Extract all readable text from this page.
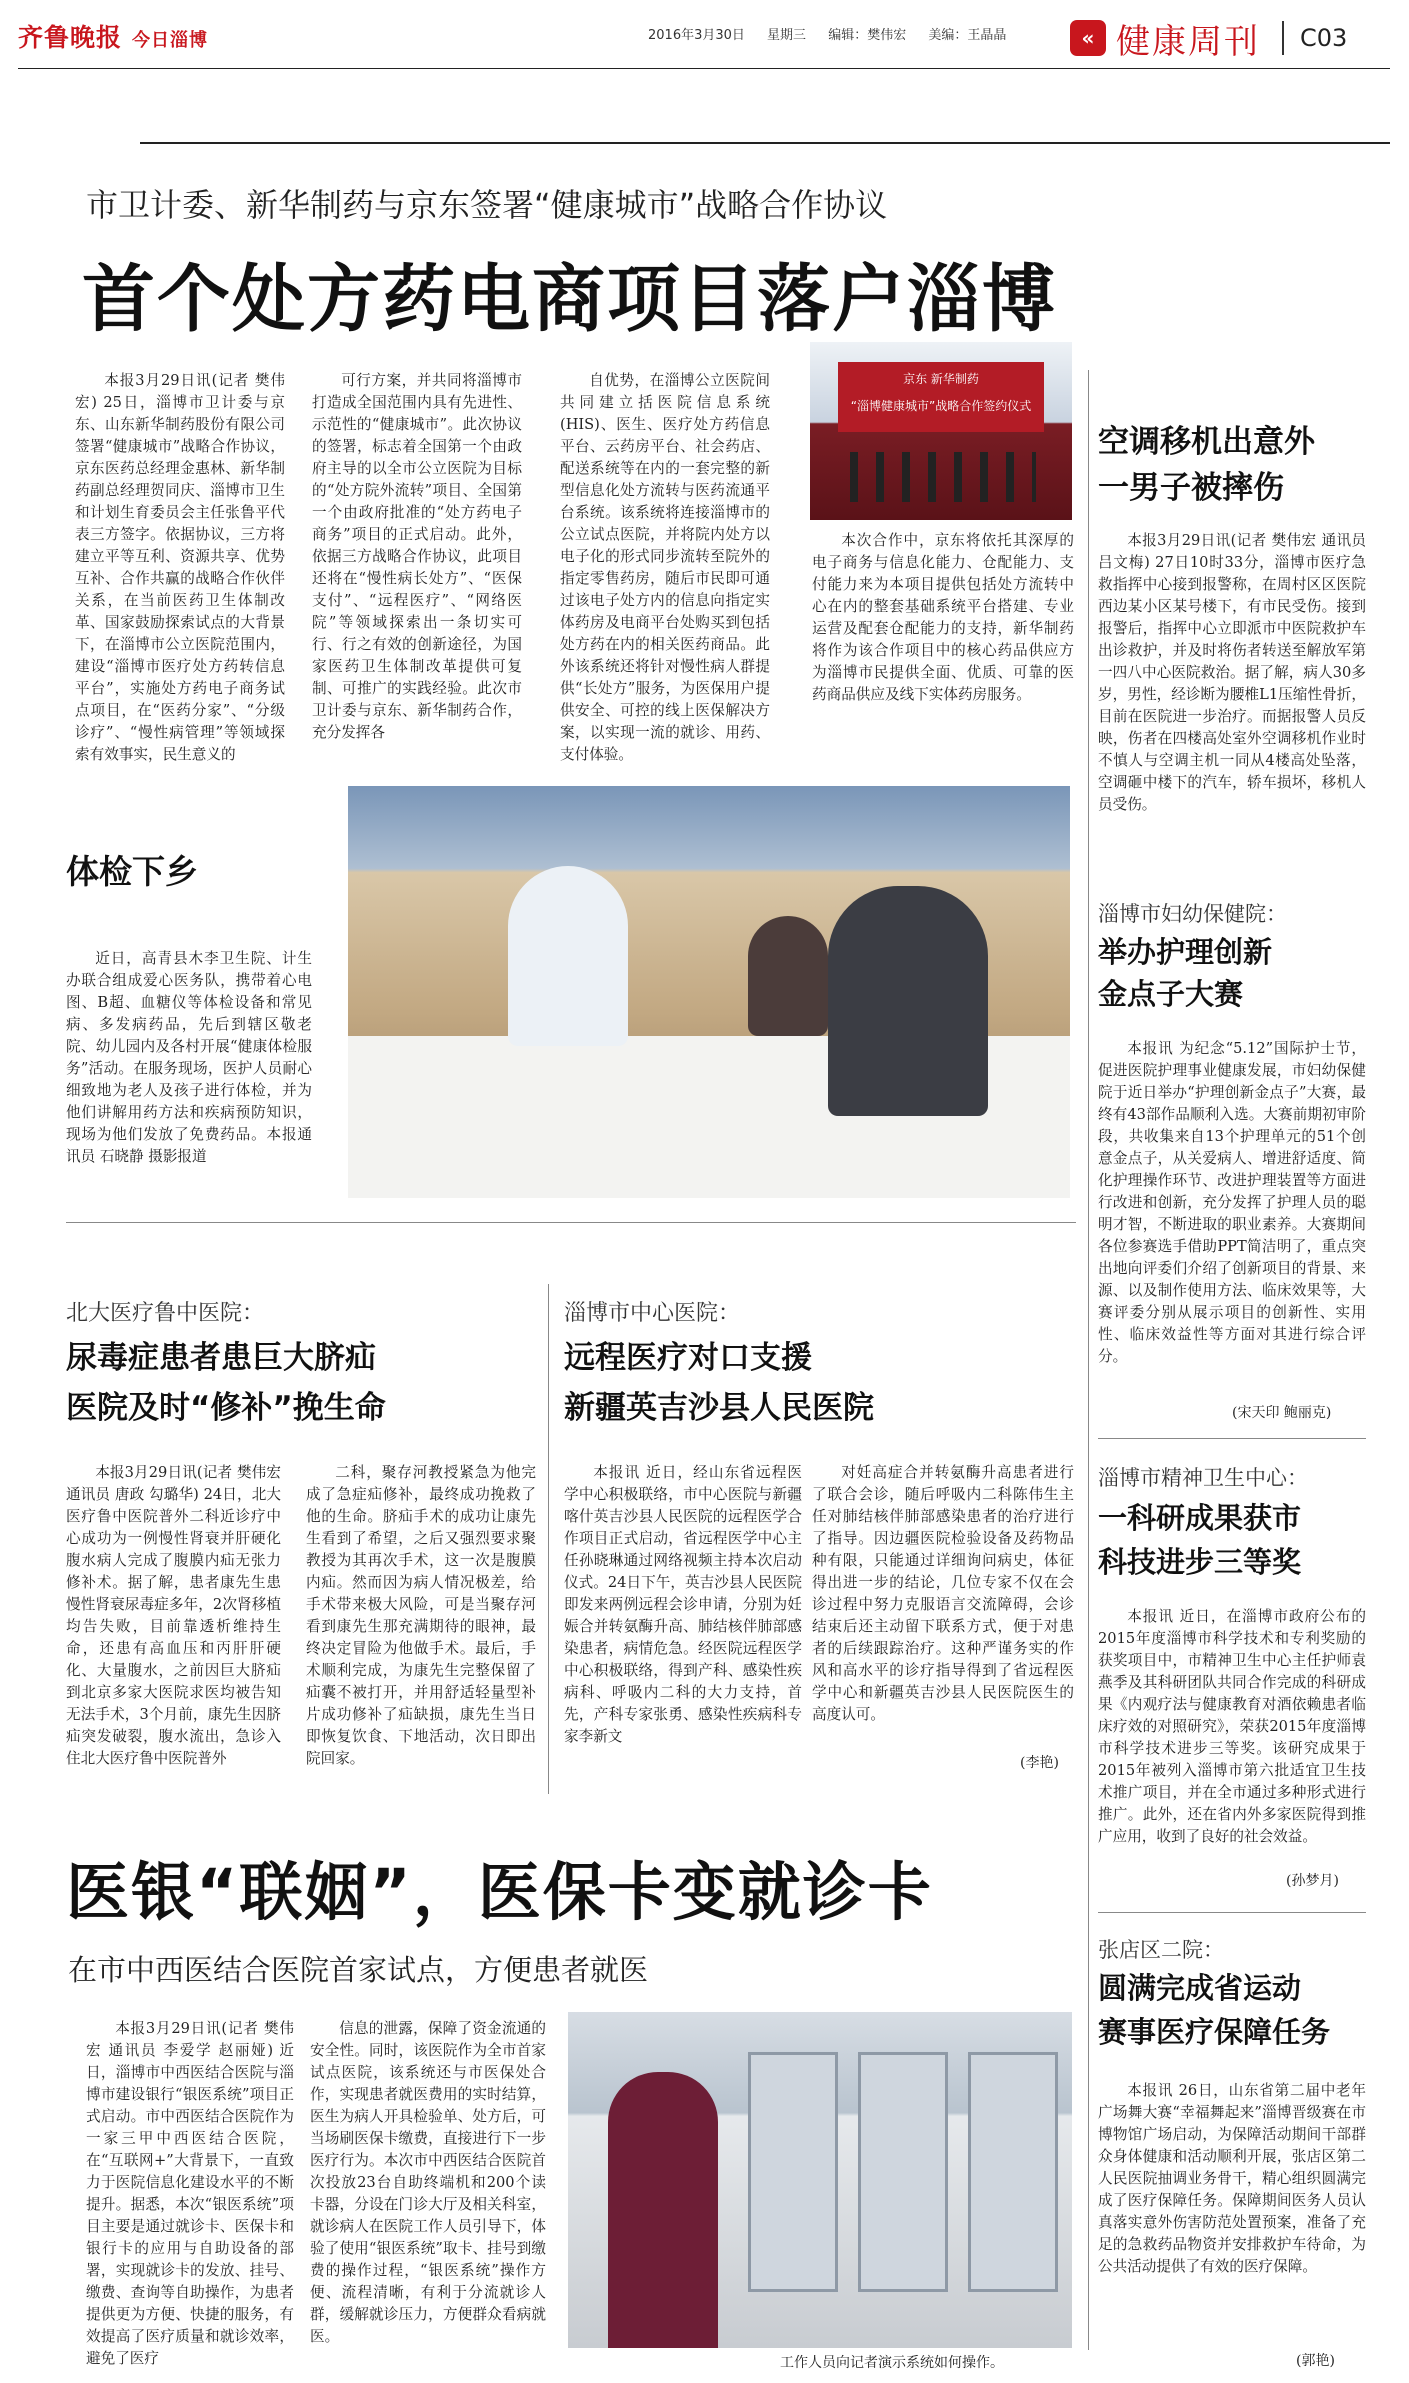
齐鲁晚报 今日淄博	2016年3月30日 星期三 编辑：樊伟宏 美编：王晶晶	« 健康周刊	C03
市卫计委、新华制药与京东签署“健康城市”战略合作协议
首个处方药电商项目落户淄博

本报3月29日讯(记者 樊伟宏) 25日，淄博市卫计委与京东、山东新华制药股份有限公司签署“健康城市”战略合作协议，京东医药总经理金惠林、新华制药副总经理贺同庆、淄博市卫生和计划生育委员会主任张鲁平代表三方签字。依据协议，三方将建立平等互利、资源共享、优势互补、合作共赢的战略合作伙伴关系，在当前医药卫生体制改革、国家鼓励探索试点的大背景下，在淄博市公立医院范围内，建设“淄博市医疗处方药转信息平台”，实施处方药电子商务试点项目，在“医药分家”、“分级诊疗”、“慢性病管理”等领域探索有效事实，民生意义的

可行方案，并共同将淄博市打造成全国范围内具有先进性、示范性的“健康城市”。此次协议的签署，标志着全国第一个由政府主导的以全市公立医院为目标的“处方院外流转”项目、全国第一个由政府批准的“处方药电子商务”项目的正式启动。此外，依据三方战略合作协议，此项目还将在“慢性病长处方”、“医保支付”、“远程医疗”、“网络医院”等领域探索出一条切实可行、行之有效的创新途径，为国家医药卫生体制改革提供可复制、可推广的实践经验。此次市卫计委与京东、新华制药合作，充分发挥各

自优势，在淄博公立医院间共同建立括医院信息系统(HIS)、医生、医疗处方药信息平台、云药房平台、社会药店、配送系统等在内的一套完整的新型信息化处方流转与医药流通平台系统。该系统将连接淄博市的公立试点医院，并将院内处方以电子化的形式同步流转至院外的指定零售药房，随后市民即可通过该电子处方内的信息向指定实体药房及电商平台处购买到包括处方药在内的相关医药商品。此外该系统还将针对慢性病人群提供“长处方”服务，为医保用户提供安全、可控的线上医保解决方案，以实现一流的就诊、用药、支付体验。

京东 新华制药
“淄博健康城市”战略合作签约仪式

本次合作中，京东将依托其深厚的电子商务与信息化能力、仓配能力、支付能力来为本项目提供包括处方流转中心在内的整套基础系统平台搭建、专业运营及配套仓配能力的支持，新华制药将作为该合作项目中的核心药品供应方为淄博市民提供全面、优质、可靠的医药商品供应及线下实体药房服务。

空调移机出意外
一男子被摔伤

本报3月29日讯(记者 樊伟宏 通讯员 吕文梅) 27日10时33分，淄博市医疗急救指挥中心接到报警称，在周村区区医院西边某小区某号楼下，有市民受伤。接到报警后，指挥中心立即派市中医院救护车出诊救护，并及时将伤者转送至解放军第一四八中心医院救治。据了解，病人30多岁，男性，经诊断为腰椎L1压缩性骨折，目前在医院进一步治疗。而据报警人员反映，伤者在四楼高处室外空调移机作业时不慎人与空调主机一同从4楼高处坠落，空调砸中楼下的汽车，轿车损坏，移机人员受伤。

体检下乡

近日，高青县木李卫生院、计生办联合组成爱心医务队，携带着心电图、B超、血糖仪等体检设备和常见病、多发病药品，先后到辖区敬老院、幼儿园内及各村开展“健康体检服务”活动。在服务现场，医护人员耐心细致地为老人及孩子进行体检，并为他们讲解用药方法和疾病预防知识，现场为他们发放了免费药品。本报通讯员 石晓静 摄影报道

淄博市妇幼保健院：
举办护理创新
金点子大赛

本报讯 为纪念“5.12”国际护士节，促进医院护理事业健康发展，市妇幼保健院于近日举办“护理创新金点子”大赛，最终有43部作品顺利入选。大赛前期初审阶段，共收集来自13个护理单元的51个创意金点子，从关爱病人、增进舒适度、简化护理操作环节、改进护理装置等方面进行改进和创新，充分发挥了护理人员的聪明才智，不断进取的职业素养。大赛期间各位参赛选手借助PPT简洁明了，重点突出地向评委们介绍了创新项目的背景、来源、以及制作使用方法、临床效果等，大赛评委分别从展示项目的创新性、实用性、临床效益性等方面对其进行综合评分。

(宋天印 鲍丽克)
北大医疗鲁中医院：
尿毒症患者患巨大脐疝
医院及时“修补”挽生命

本报3月29日讯(记者 樊伟宏 通讯员 唐政 勾璐华) 24日，北大医疗鲁中医院普外二科近诊疗中心成功为一例慢性肾衰并肝硬化腹水病人完成了腹膜内疝无张力修补术。据了解，患者康先生患慢性肾衰尿毒症多年，2次肾移植均告失败，目前靠透析维持生命，还患有高血压和丙肝肝硬化、大量腹水，之前因巨大脐疝到北京多家大医院求医均被告知无法手术，3个月前，康先生因脐疝突发破裂，腹水流出，急诊入住北大医疗鲁中医院普外

二科，聚存河教授紧急为他完成了急症疝修补，最终成功挽救了他的生命。脐疝手术的成功让康先生看到了希望，之后又强烈要求聚教授为其再次手术，这一次是腹膜内疝。然而因为病人情况极差，给手术带来极大风险，可是当聚存河看到康先生那充满期待的眼神，最终决定冒险为他做手术。最后，手术顺利完成，为康先生完整保留了疝囊不被打开，并用舒适轻量型补片成功修补了疝缺损，康先生当日即恢复饮食、下地活动，次日即出院回家。

淄博市中心医院：
远程医疗对口支援
新疆英吉沙县人民医院

本报讯 近日，经山东省远程医学中心积极联络，市中心医院与新疆喀什英吉沙县人民医院的远程医学合作项目正式启动，省远程医学中心主任孙晓琳通过网络视频主持本次启动仪式。24日下午，英吉沙县人民医院即发来两例远程会诊申请，分别为妊娠合并转氨酶升高、肺结核伴肺部感染患者，病情危急。经医院远程医学中心积极联络，得到产科、感染性疾病科、呼吸内二科的大力支持，首先，产科专家张勇、感染性疾病科专家李新文

对妊高症合并转氨酶升高患者进行了联合会诊，随后呼吸内二科陈伟生主任对肺结核伴肺部感染患者的治疗进行了指导。因边疆医院检验设备及药物品种有限，只能通过详细询问病史，体征得出进一步的结论，几位专家不仅在会诊过程中努力克服语言交流障碍，会诊结束后还主动留下联系方式，便于对患者的后续跟踪治疗。这种严谨务实的作风和高水平的诊疗指导得到了省远程医学中心和新疆英吉沙县人民医院医生的高度认可。

(李艳)
淄博市精神卫生中心：
一科研成果获市
科技进步三等奖

本报讯 近日，在淄博市政府公布的2015年度淄博市科学技术和专利奖励的获奖项目中，市精神卫生中心主任护师袁燕季及其科研团队共同合作完成的科研成果《内观疗法与健康教育对酒依赖患者临床疗效的对照研究》，荣获2015年度淄博市科学技术进步三等奖。该研究成果于2015年被列入淄博市第六批适宜卫生技术推广项目，并在全市通过多种形式进行推广。此外，还在省内外多家医院得到推广应用，收到了良好的社会效益。

(孙梦月)
医银“联姻”，医保卡变就诊卡
在市中西医结合医院首家试点，方便患者就医

本报3月29日讯(记者 樊伟宏 通讯员 李爱学 赵丽娅) 近日，淄博市中西医结合医院与淄博市建设银行“银医系统”项目正式启动。市中西医结合医院作为一家三甲中西医结合医院，在“互联网+”大背景下，一直致力于医院信息化建设水平的不断提升。据悉，本次“银医系统”项目主要是通过就诊卡、医保卡和银行卡的应用与自助设备的部署，实现就诊卡的发放、挂号、缴费、查询等自助操作，为患者提供更为方便、快捷的服务，有效提高了医疗质量和就诊效率，避免了医疗

信息的泄露，保障了资金流通的安全性。同时，该医院作为全市首家试点医院，该系统还与市医保处合作，实现患者就医费用的实时结算，医生为病人开具检验单、处方后，可当场刷医保卡缴费，直接进行下一步医疗行为。本次市中西医结合医院首次投放23台自助终端机和200个读卡器，分设在门诊大厅及相关科室，就诊病人在医院工作人员引导下，体验了使用“银医系统”取卡、挂号到缴费的操作过程，“银医系统”操作方便、流程清晰，有利于分流就诊人群，缓解就诊压力，方便群众看病就医。

工作人员向记者演示系统如何操作。
张店区二院：
圆满完成省运动
赛事医疗保障任务

本报讯 26日，山东省第二届中老年广场舞大赛“幸福舞起来”淄博晋级赛在市博物馆广场启动，为保障活动期间干部群众身体健康和活动顺利开展，张店区第二人民医院抽调业务骨干，精心组织圆满完成了医疗保障任务。保障期间医务人员认真落实意外伤害防范处置预案，准备了充足的急救药品物资并安排救护车待命，为公共活动提供了有效的医疗保障。

(郭艳)
